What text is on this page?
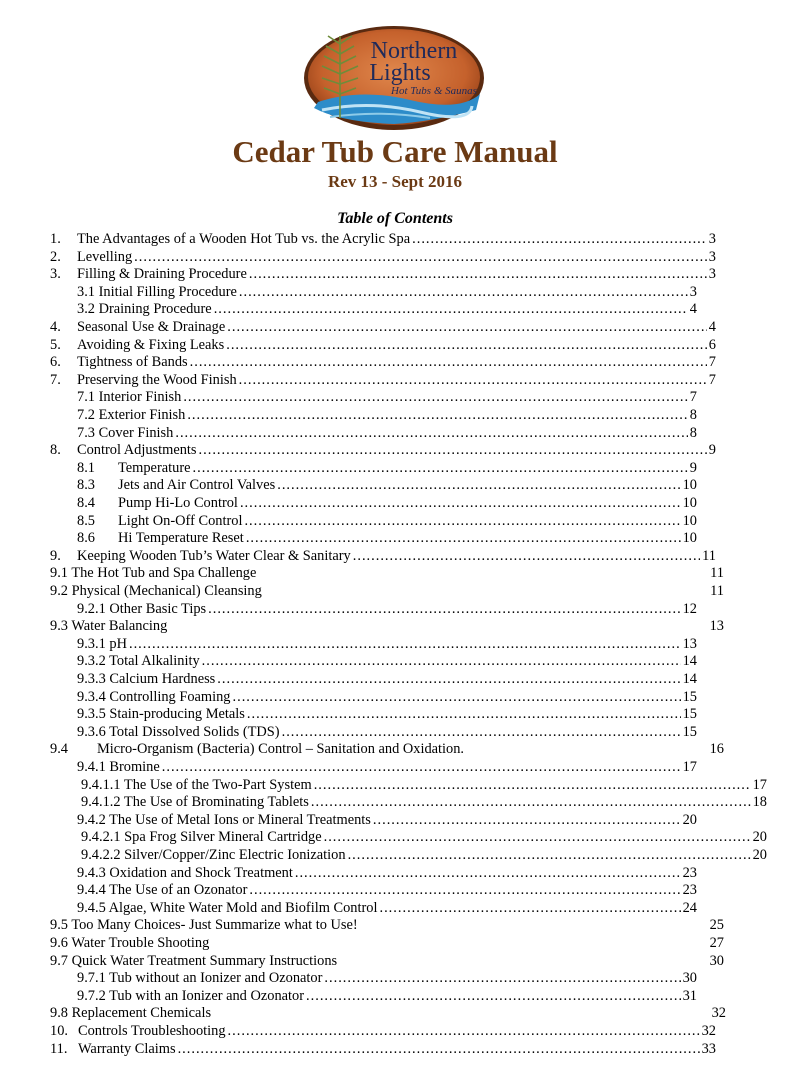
Northern
Lights
Hot Tubs & Saunas
Cedar Tub Care Manual
Rev 13 - Sept 2016
Table of Contents
1. The Advantages of a Wooden Hot Tub vs. the Acrylic Spa .....	3
2. Levelling .....	3
3. Filling & Draining Procedure .....	3
3.1 Initial Filling Procedure .....	3
3.2 Draining Procedure .....	4
4. Seasonal Use & Drainage .....	4
5. Avoiding & Fixing Leaks .....	6
6. Tightness of Bands .....	7
7. Preserving the Wood Finish .....	7
7.1 Interior Finish .....	7
7.2 Exterior Finish .....	8
7.3 Cover Finish .....	8
8. Control Adjustments .....	9
8.1 Temperature .....	9
8.3 Jets and Air Control Valves .....	10
8.4 Pump Hi-Lo Control .....	10
8.5 Light On-Off Control .....	10
8.6 Hi Temperature Reset .....	10
9. Keeping Wooden Tub’s Water Clear & Sanitary .....	11
9.1 The Hot Tub and Spa Challenge	11
9.2 Physical (Mechanical) Cleansing	11
9.2.1 Other Basic Tips .....	12
9.3 Water Balancing	13
9.3.1 pH .....	13
9.3.2 Total Alkalinity .....	14
9.3.3 Calcium Hardness .....	14
9.3.4 Controlling Foaming .....	15
9.3.5 Stain-producing Metals .....	15
9.3.6 Total Dissolved Solids (TDS) .....	15
9.4 Micro-Organism (Bacteria) Control – Sanitation and Oxidation.	16
9.4.1 Bromine .....	17
9.4.1.1 The Use of the Two-Part System .....	17
9.4.1.2 The Use of Brominating Tablets .....	18
9.4.2 The Use of Metal Ions or Mineral Treatments .....	20
9.4.2.1 Spa Frog Silver Mineral Cartridge .....	20
9.4.2.2 Silver/Copper/Zinc Electric Ionization .....	20
9.4.3 Oxidation and Shock Treatment .....	23
9.4.4 The Use of an Ozonator .....	23
9.4.5 Algae, White Water Mold and Biofilm Control .....	24
9.5 Too Many Choices- Just Summarize what to Use!	25
9.6 Water Trouble Shooting	27
9.7 Quick Water Treatment Summary Instructions	30
9.7.1 Tub without an Ionizer and Ozonator .....	30
9.7.2 Tub with an Ionizer and Ozonator .....	31
9.8 Replacement Chemicals	32
10. Controls Troubleshooting .....	32
11. Warranty Claims .....	33
